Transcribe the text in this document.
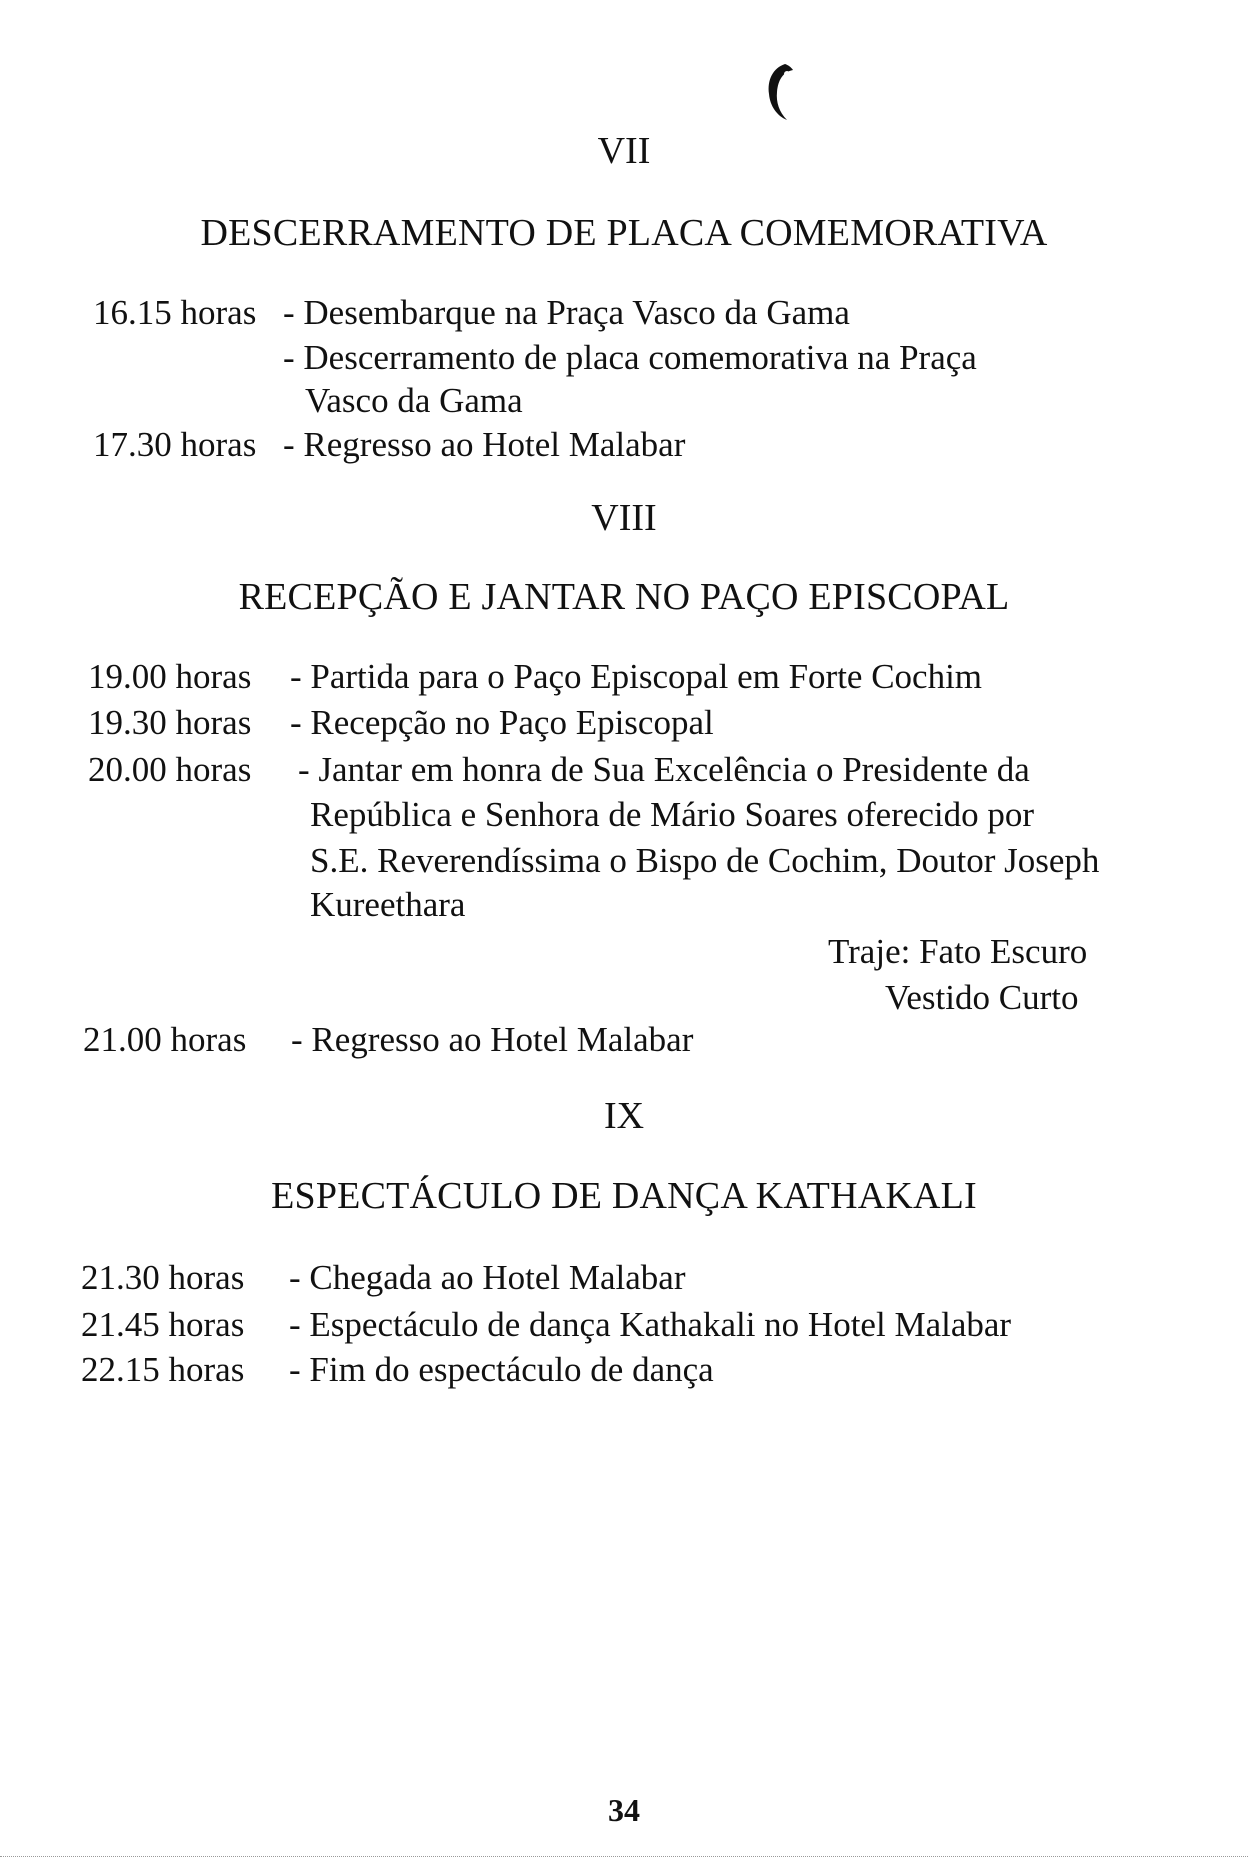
VII
DESCERRAMENTO DE PLACA COMEMORATIVA
16.15 horas - Desembarque na Praça Vasco da Gama
- Descerramento de placa comemorativa na Praça
Vasco da Gama
17.30 horas - Regresso ao Hotel Malabar
VIII
RECEPÇÃO E JANTAR NO PAÇO EPISCOPAL
19.00 horas - Partida para o Paço Episcopal em Forte Cochim
19.30 horas - Recepção no Paço Episcopal
20.00 horas - Jantar em honra de Sua Excelência o Presidente da
República e Senhora de Mário Soares oferecido por
S.E. Reverendíssima o Bispo de Cochim, Doutor Joseph
Kureethara
Traje: Fato Escuro
Vestido Curto
21.00 horas - Regresso ao Hotel Malabar
IX
ESPECTÁCULO DE DANÇA KATHAKALI
21.30 horas - Chegada ao Hotel Malabar
21.45 horas - Espectáculo de dança Kathakali no Hotel Malabar
22.15 horas - Fim do espectáculo de dança
34
